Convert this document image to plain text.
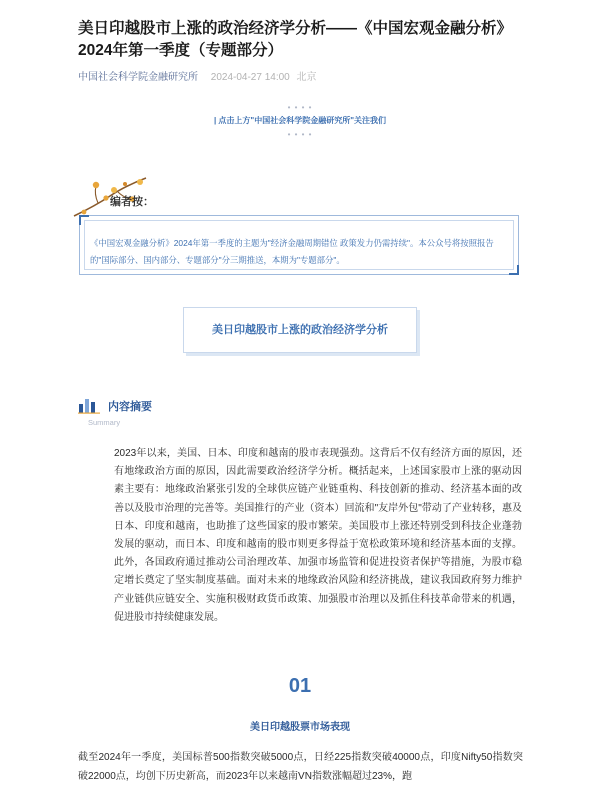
美日印越股市上涨的政治经济学分析——《中国宏观金融分析》2024年第一季度（专题部分）
中国社会科学院金融研究所 2024-04-27 14:00 北京
• • • •
| 点击上方"中国社会科学院金融研究所"关注我们
• • • •
编者按：
《中国宏观金融分析》2024年第一季度的主题为"经济金融周期错位 政策发力仍需持续"。本公众号将按照报告的"国际部分、国内部分、专题部分"分三期推送，本期为"专题部分"。
美日印越股市上涨的政治经济学分析
内容摘要
Summary
2023年以来，美国、日本、印度和越南的股市表现强劲。这背后不仅有经济方面的原因，还有地缘政治方面的原因，因此需要政治经济学分析。概括起来，上述国家股市上涨的驱动因素主要有：地缘政治紧张引发的全球供应链产业链重构、科技创新的推动、经济基本面的改善以及股市治理的完善等。美国推行的产业（资本）回流和"友岸外包"带动了产业转移，惠及日本、印度和越南，也助推了这些国家的股市繁荣。美国股市上涨还特别受到科技企业蓬勃发展的驱动，而日本、印度和越南的股市则更多得益于宽松政策环境和经济基本面的支撑。此外，各国政府通过推动公司治理改革、加强市场监管和促进投资者保护等措施，为股市稳定增长奠定了坚实制度基础。面对未来的地缘政治风险和经济挑战，建议我国政府努力维护产业链供应链安全、实施积极财政货币政策、加强股市治理以及抓住科技革命带来的机遇，促进股市持续健康发展。
01
美日印越股票市场表现
截至2024年一季度，美国标普500指数突破5000点，日经225指数突破40000点，印度Nifty50指数突破22000点，均创下历史新高，而2023年以来越南VN指数涨幅超过23%，跑
